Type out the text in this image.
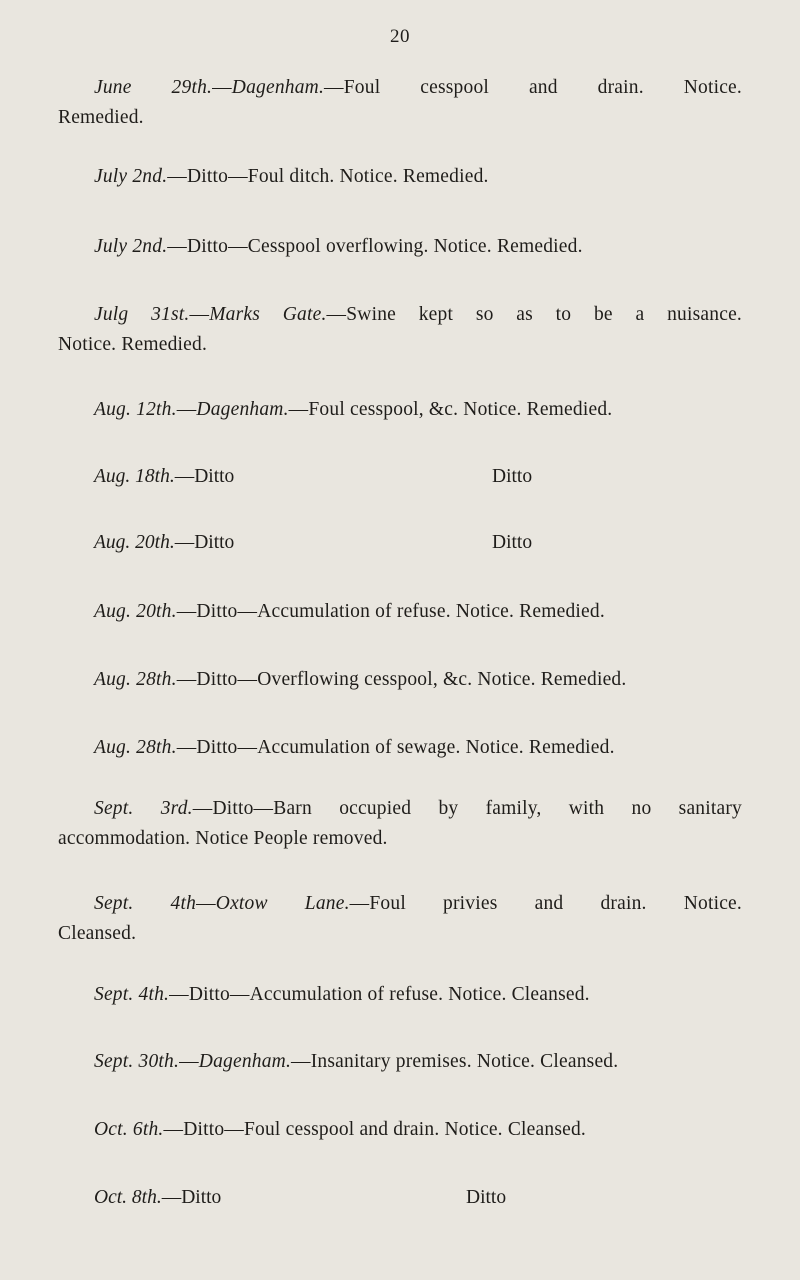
20
June 29th.—Dagenham.—Foul cesspool and drain. Notice.
Remedied.
July 2nd.—Ditto—Foul ditch. Notice. Remedied.
July 2nd.—Ditto—Cesspool overflowing. Notice. Remedied.
Julg 31st.—Marks Gate.—Swine kept so as to be a nuisance.
Notice. Remedied.
Aug. 12th.—Dagenham.—Foul cesspool, &c. Notice. Remedied.
Aug. 18th.—Ditto	Ditto
Aug. 20th.—Ditto	Ditto
Aug. 20th.—Ditto—Accumulation of refuse. Notice. Remedied.
Aug. 28th.—Ditto—Overflowing cesspool, &c. Notice. Remedied.
Aug. 28th.—Ditto—Accumulation of sewage. Notice. Remedied.
Sept. 3rd.—Ditto—Barn occupied by family, with no sanitary
accommodation. Notice People removed.
Sept. 4th—Oxtow Lane.—Foul privies and drain. Notice.
Cleansed.
Sept. 4th.—Ditto—Accumulation of refuse. Notice. Cleansed.
Sept. 30th.—Dagenham.—Insanitary premises. Notice. Cleansed.
Oct. 6th.—Ditto—Foul cesspool and drain. Notice. Cleansed.
Oct. 8th.—Ditto	Ditto
